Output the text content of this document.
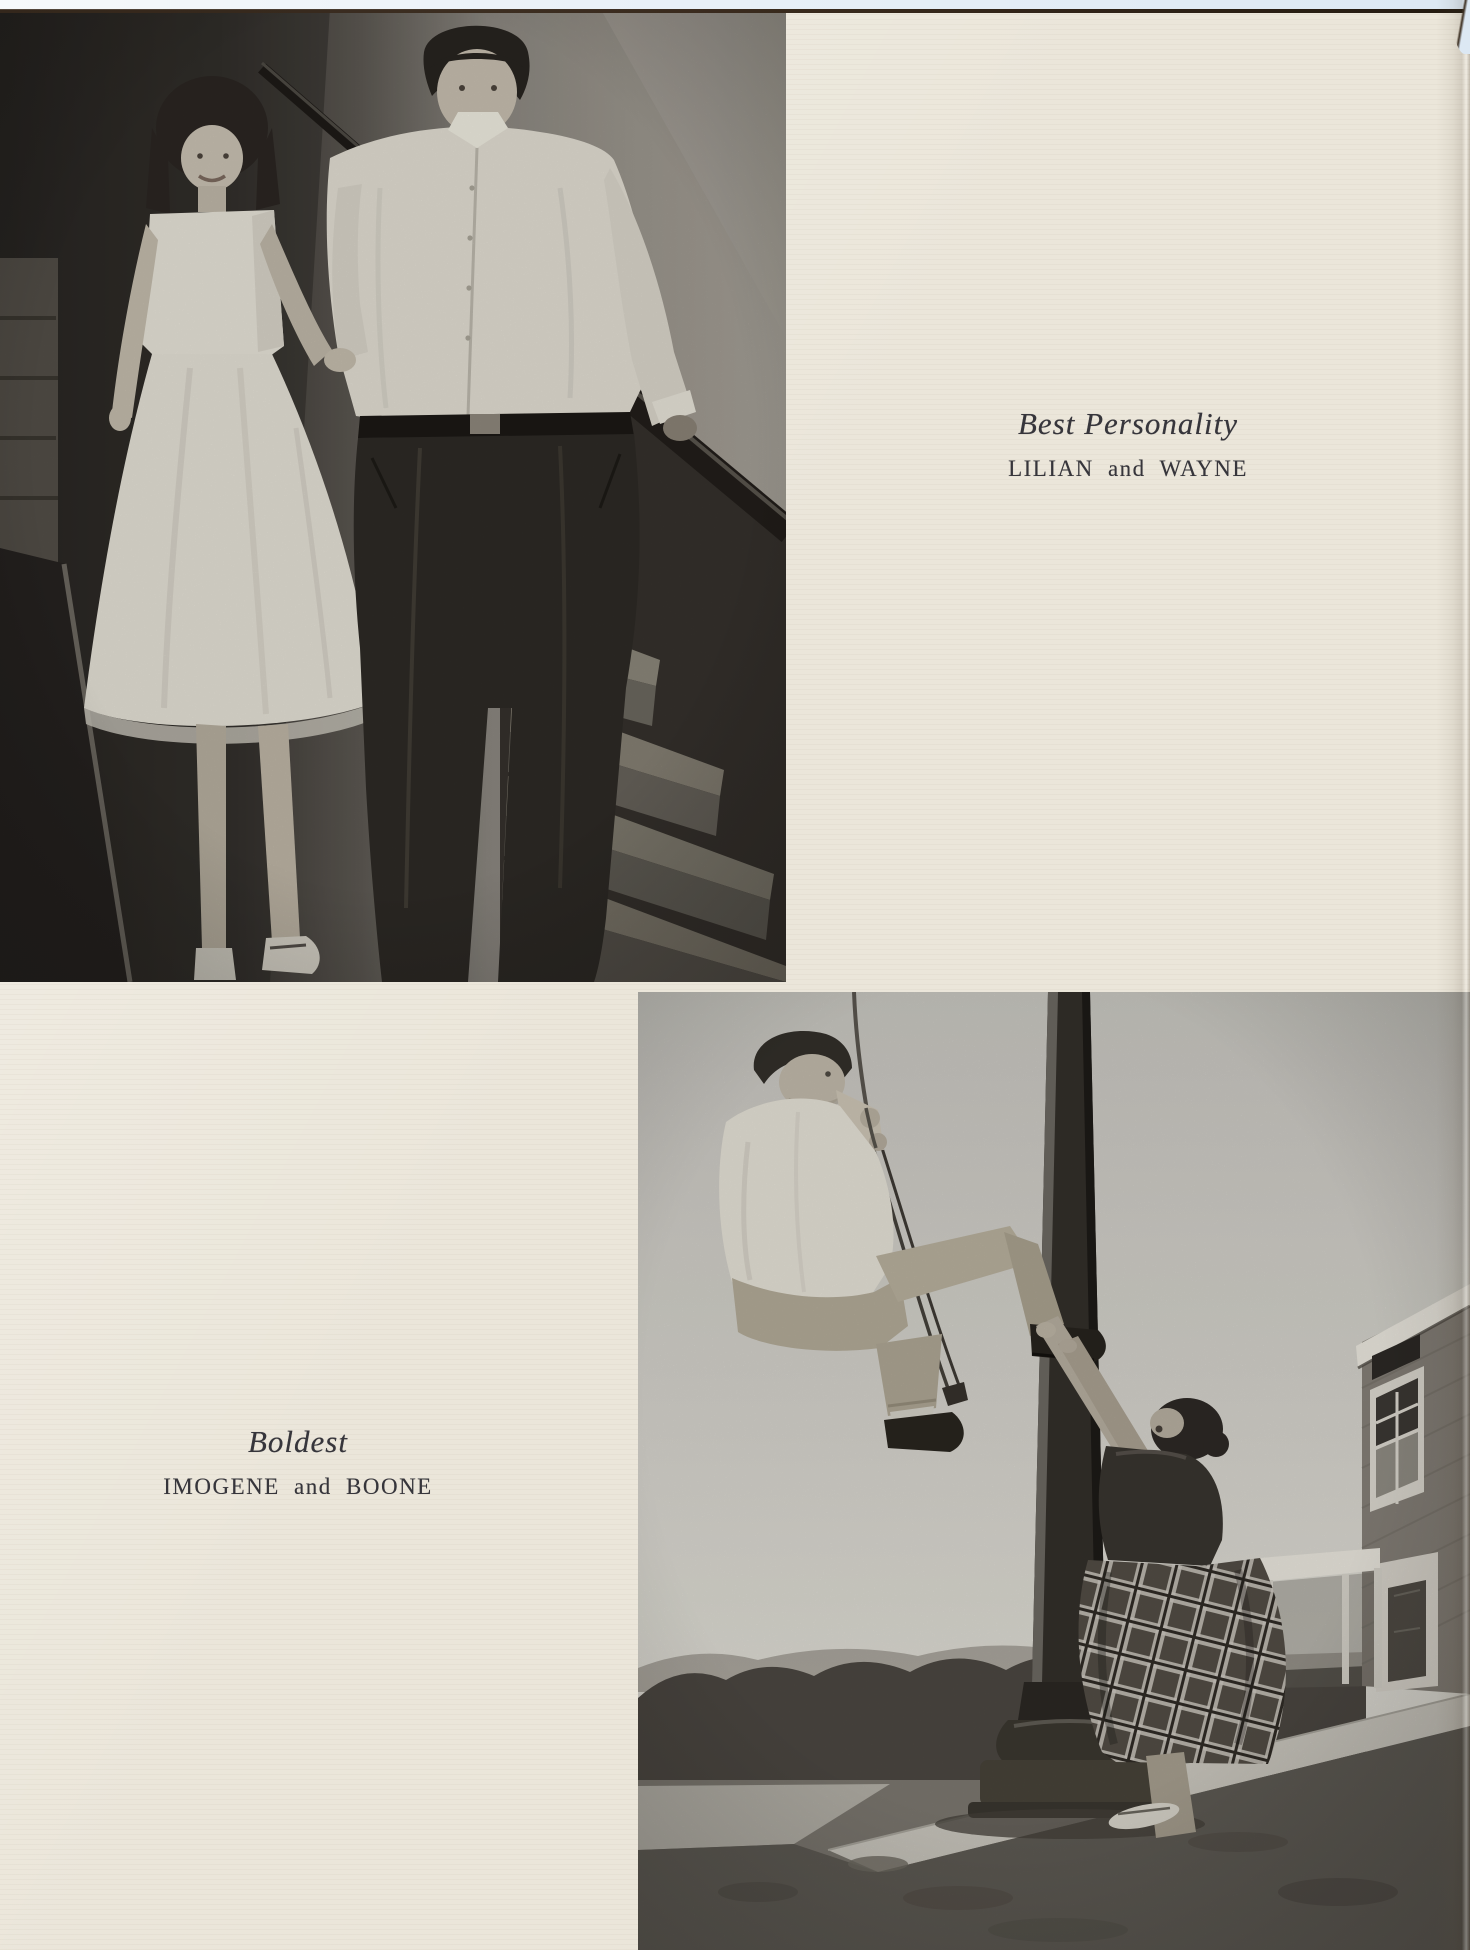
Best Personality
LILIAN and WAYNE
Boldest
IMOGENE and BOONE
